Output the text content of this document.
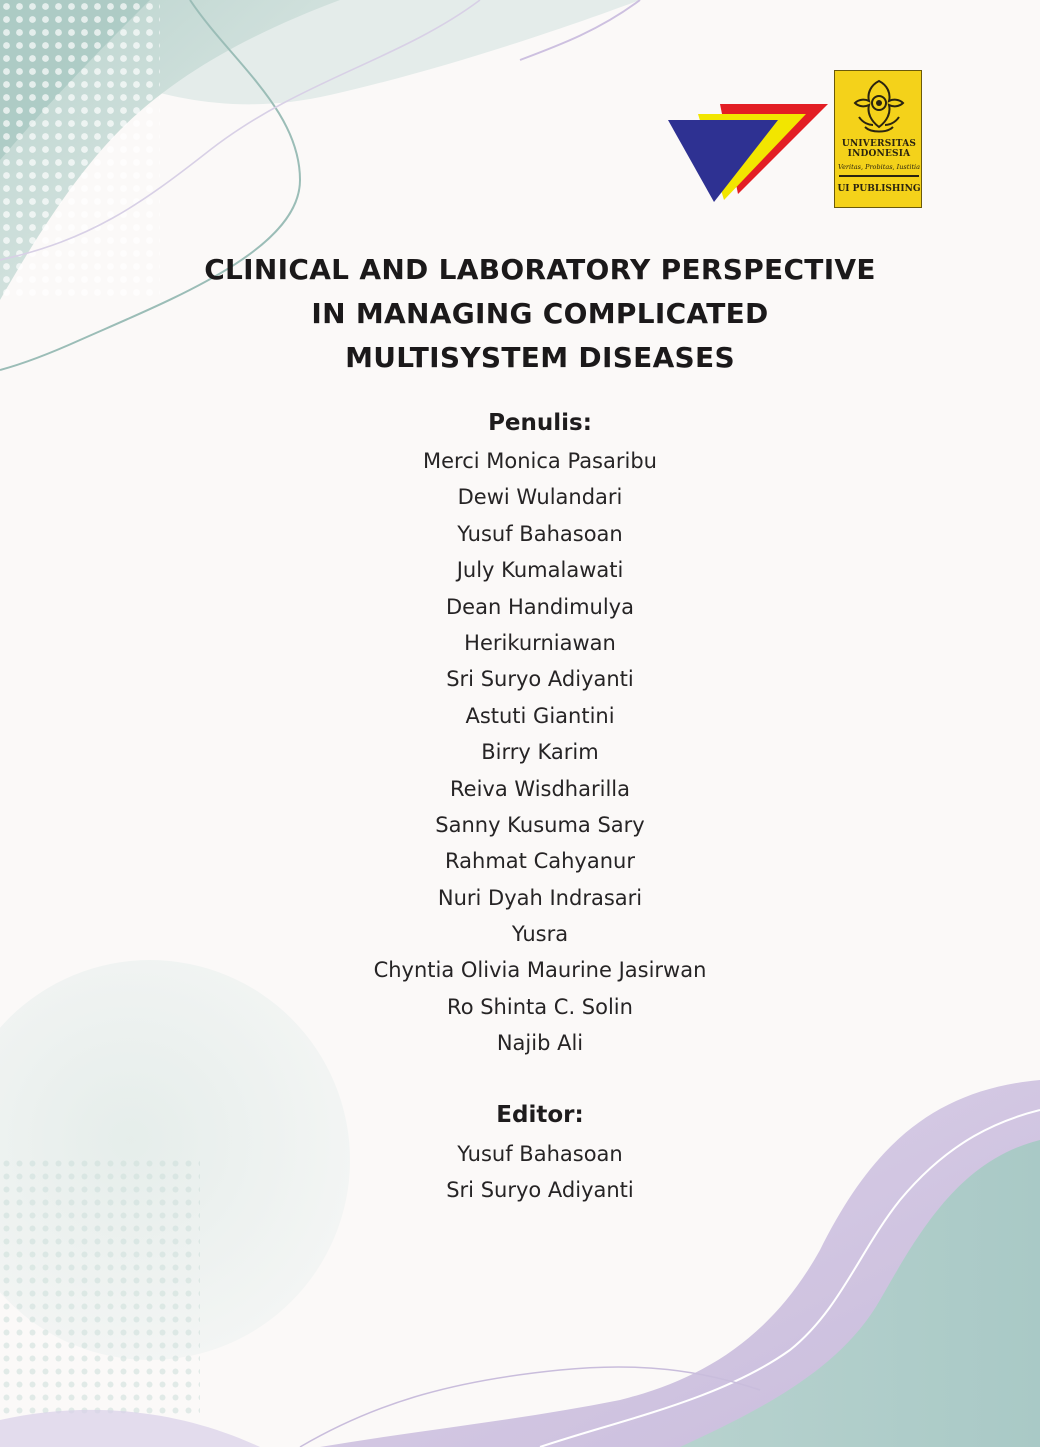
UNIVERSITAS
INDONESIA
Veritas, Probitas, Iustitia
UI PUBLISHING
CLINICAL AND LABORATORY PERSPECTIVE
IN MANAGING COMPLICATED
MULTISYSTEM DISEASES
Penulis:
Merci Monica Pasaribu
Dewi Wulandari
Yusuf Bahasoan
July Kumalawati
Dean Handimulya
Herikurniawan
Sri Suryo Adiyanti
Astuti Giantini
Birry Karim
Reiva Wisdharilla
Sanny Kusuma Sary
Rahmat Cahyanur
Nuri Dyah Indrasari
Yusra
Chyntia Olivia Maurine Jasirwan
Ro Shinta C. Solin
Najib Ali
Editor:
Yusuf Bahasoan
Sri Suryo Adiyanti
